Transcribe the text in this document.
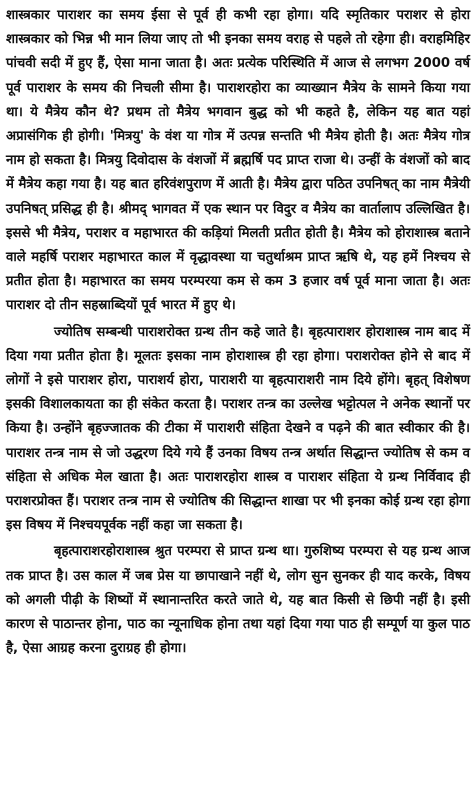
शास्त्रकार पाराशर का समय ईसा से पूर्व ही कभी रहा होगा। यदि स्मृतिकार पराशर से होरा शास्त्रकार को भिन्न भी मान लिया जाए तो भी इनका समय वराह से पहले तो रहेगा ही। वराहमिहिर पांचवी सदी में हुए हैं, ऐसा माना जाता है। अतः प्रत्येक परिस्थिति में आज से लगभग 2000 वर्ष पूर्व पाराशर के समय की निचली सीमा है। पाराशरहोरा का व्याख्यान मैत्रेय के सामने किया गया था। ये मैत्रेय कौन थे? प्रथम तो मैत्रेय भगवान बुद्ध को भी कहते है, लेकिन यह बात यहां अप्रासंगिक ही होगी। 'मित्रयु' के वंश या गोत्र में उत्पन्न सन्तति भी मैत्रेय होती है। अतः मैत्रेय गोत्र नाम हो सकता है। मित्रयु दिवोदास के वंशजों में ब्रह्मर्षि पद प्राप्त राजा थे। उन्हीं के वंशजों को बाद में मैत्रेय कहा गया है। यह बात हरिवंशपुराण में आती है। मैत्रेय द्वारा पठित उपनिषत् का नाम मैत्रेयी उपनिषत् प्रसिद्ध ही है। श्रीमद् भागवत में एक स्थान पर विदुर व मैत्रेय का वार्तालाप उल्लिखित है। इससे भी मैत्रेय, पराशर व महाभारत की कड़ियां मिलती प्रतीत होती है। मैत्रेय को होराशास्त्र बताने वाले महर्षि पराशर महाभारत काल में वृद्धावस्था या चतुर्थाश्रम प्राप्त ऋषि थे, यह हमें निश्चय से प्रतीत होता है। महाभारत का समय परम्परया कम से कम 3 हजार वर्ष पूर्व माना जाता है। अतः पाराशर दो तीन सहस्राब्दियों पूर्व भारत में हुए थे।

ज्योतिष सम्बन्धी पाराशरोक्त ग्रन्थ तीन कहे जाते है। बृहत्पाराशर होराशास्त्र नाम बाद में दिया गया प्रतीत होता है। मूलतः इसका नाम होराशास्त्र ही रहा होगा। पराशरोक्त होने से बाद में लोगों ने इसे पाराशर होरा, पाराशर्य होरा, पाराशरी या बृहत्पाराशरी नाम दिये होंगे। बृहत् विशेषण इसकी विशालकायता का ही संकेत करता है। पराशर तन्त्र का उल्लेख भट्टोत्पल ने अनेक स्थानों पर किया है। उन्होंने बृहज्जातक की टीका में पाराशरी संहिता देखने व पढ़ने की बात स्वीकार की है। पाराशर तन्त्र नाम से जो उद्धरण दिये गये हैं उनका विषय तन्त्र अर्थात सिद्धान्त ज्योतिष से कम व संहिता से अधिक मेल खाता है। अतः पाराशरहोरा शास्त्र व पाराशर संहिता ये ग्रन्थ निर्विवाद ही पराशरप्रोक्त हैं। पराशर तन्त्र नाम से ज्योतिष की सिद्धान्त शाखा पर भी इनका कोई ग्रन्थ रहा होगा इस विषय में निश्चयपूर्वक नहीं कहा जा सकता है।

बृहत्पाराशरहोराशास्त्र श्रुत परम्परा से प्राप्त ग्रन्थ था। गुरुशिष्य परम्परा से यह ग्रन्थ आज तक प्राप्त है। उस काल में जब प्रेस या छापाखाने नहीं थे, लोग सुन सुनकर ही याद करके, विषय को अगली पीढ़ी के शिष्यों में स्थानान्तरित करते जाते थे, यह बात किसी से छिपी नहीं है। इसी कारण से पाठान्तर होना, पाठ का न्यूनाधिक होना तथा यहां दिया गया पाठ ही सम्पूर्ण या कुल पाठ है, ऐसा आग्रह करना दुराग्रह ही होगा।
